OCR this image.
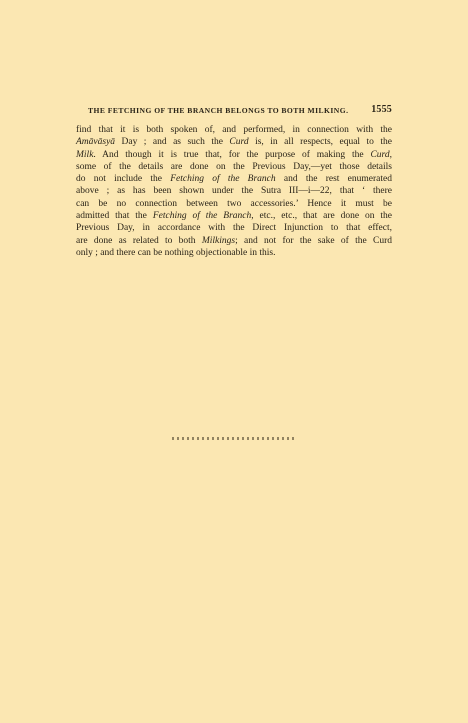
THE FETCHING OF THE BRANCH BELONGS TO BOTH MILKING. 1555
find that it is both spoken of, and performed, in connection with the
Amāvāsyā Day ; and as such the Curd is, in all respects, equal to the
Milk. And though it is true that, for the purpose of making the Curd,
some of the details are done on the Previous Day,—yet those details
do not include the Fetching of the Branch and the rest enumerated
above ; as has been shown under the Sutra III—i—22, that ‘ there
can be no connection between two accessories.’ Hence it must be
admitted that the Fetching of the Branch, etc., etc., that are done on the
Previous Day, in accordance with the Direct Injunction to that effect,
are done as related to both Milkings; and not for the sake of the Curd
only ; and there can be nothing objectionable in this.
